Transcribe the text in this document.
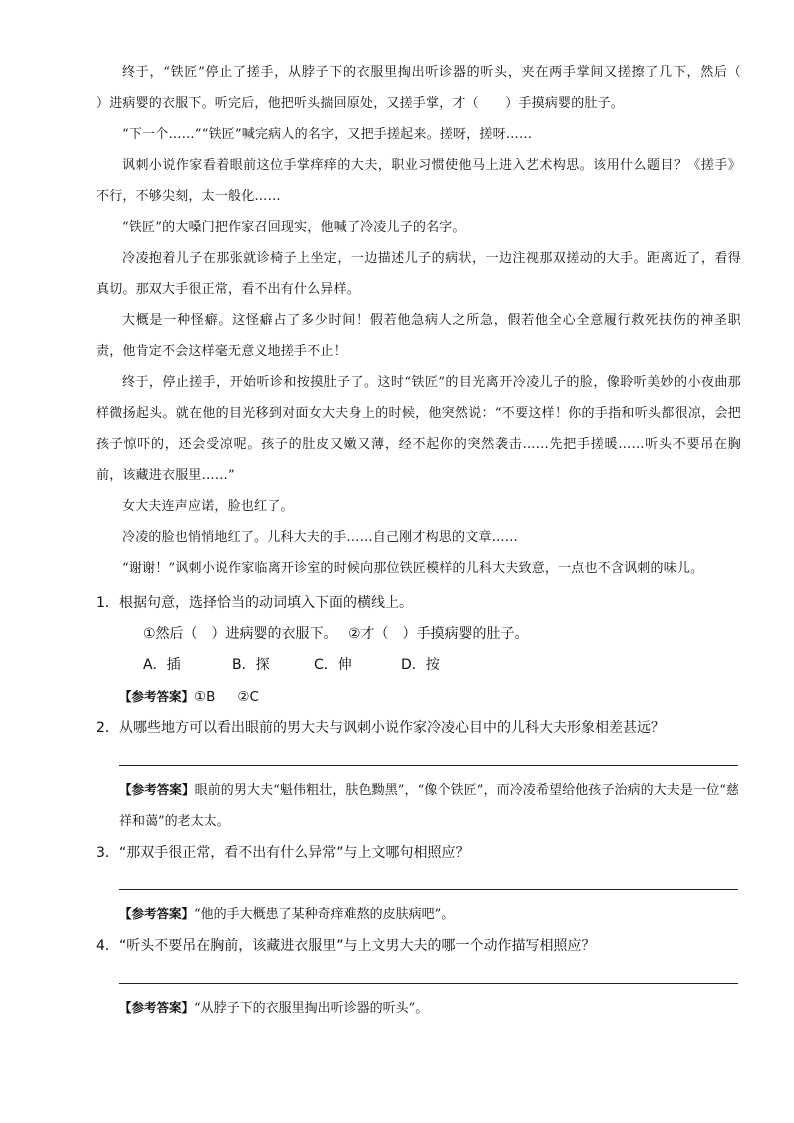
终于，“铁匠”停止了搓手，从脖子下的衣服里掏出听诊器的听头，夹在两手掌间又搓擦了几下，然后（　　）进病婴的衣服下。听完后，他把听头揣回原处，又搓手掌，才（　　）手摸病婴的肚子。
“下一个……”“铁匠”喊完病人的名字，又把手搓起来。搓呀，搓呀……
讽刺小说作家看着眼前这位手掌痒痒的大夫，职业习惯使他马上进入艺术构思。该用什么题目？《搓手》不行，不够尖刻，太一般化……
“铁匠”的大嗓门把作家召回现实，他喊了冷凌儿子的名字。
冷凌抱着儿子在那张就诊椅子上坐定，一边描述儿子的病状，一边注视那双搓动的大手。距离近了，看得真切。那双大手很正常，看不出有什么异样。
大概是一种怪癖。这怪癖占了多少时间！假若他急病人之所急，假若他全心全意履行救死扶伤的神圣职责，他肯定不会这样毫无意义地搓手不止！
终于，停止搓手，开始听诊和按摸肚子了。这时“铁匠”的目光离开冷凌儿子的脸，像聆听美妙的小夜曲那样微扬起头。就在他的目光移到对面女大夫身上的时候，他突然说：“不要这样！你的手指和听头都很凉，会把孩子惊吓的，还会受凉呢。孩子的肚皮又嫩又薄，经不起你的突然袭击……先把手搓暖……听头不要吊在胸前，该藏进衣服里……”
女大夫连声应诺，脸也红了。
冷凌的脸也悄悄地红了。儿科大夫的手……自己刚才构思的文章……
“谢谢！”讽刺小说作家临离开诊室的时候向那位铁匠模样的儿科大夫致意，一点也不含讽刺的味儿。
1．根据句意，选择恰当的动词填入下面的横线上。
①然后（　）进病婴的衣服下。 ②才（　）手摸病婴的肚子。
A．插	B．探	C．伸	D．按
【参考答案】①B ②C
2．从哪些地方可以看出眼前的男大夫与讽刺小说作家冷凌心目中的儿科大夫形象相差甚远？
【参考答案】眼前的男大夫“魁伟粗壮，肤色黝黑”，“像个铁匠”，而冷凌希望给他孩子治病的大夫是一位“慈祥和蔼”的老太太。
3．“那双手很正常，看不出有什么异常”与上文哪句相照应？
【参考答案】“他的手大概患了某种奇痒难熬的皮肤病吧”。
4．“听头不要吊在胸前，该藏进衣服里”与上文男大夫的哪一个动作描写相照应？
【参考答案】“从脖子下的衣服里掏出听诊器的听头”。
